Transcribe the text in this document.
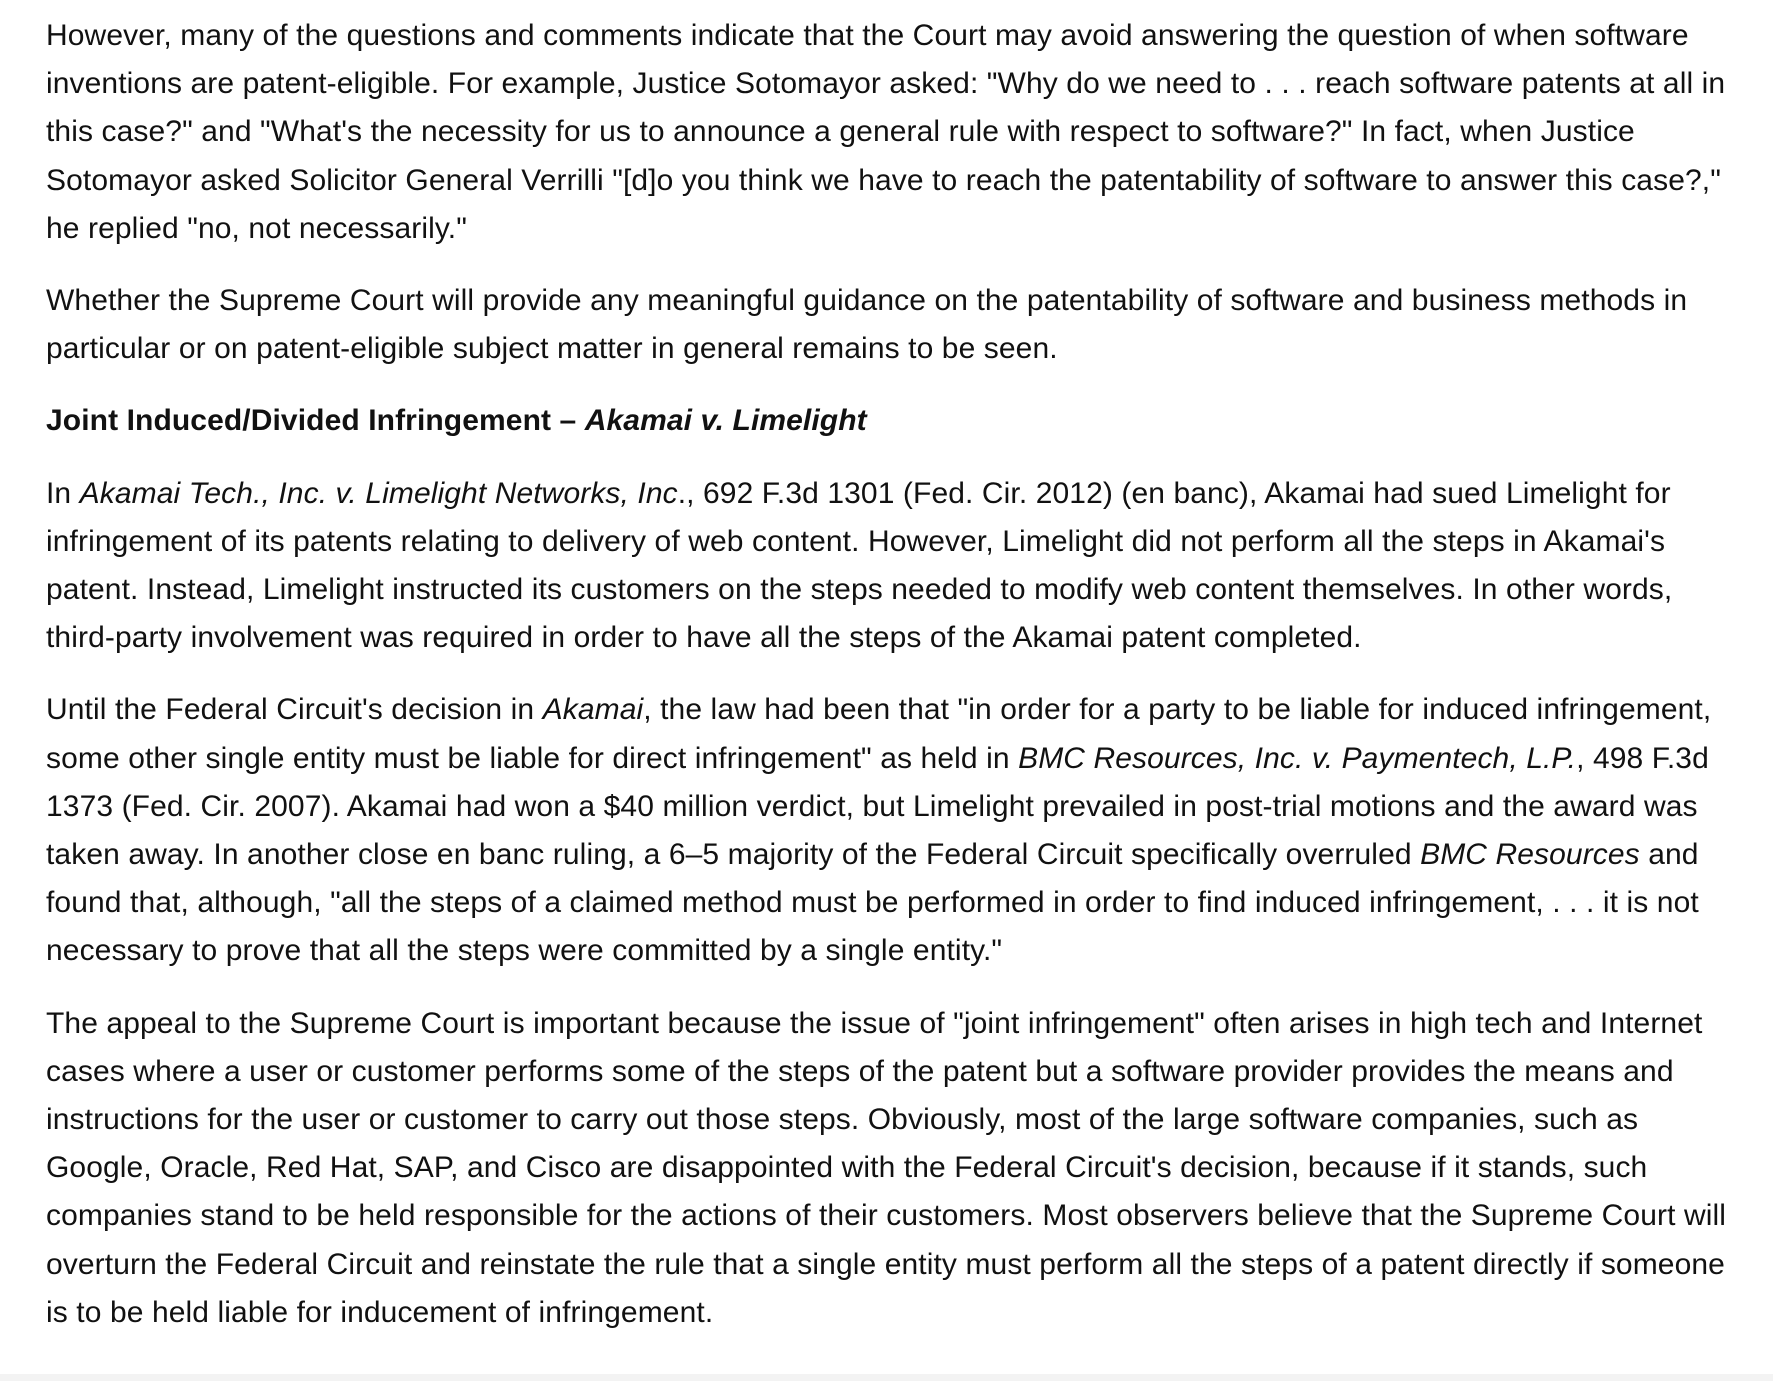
However, many of the questions and comments indicate that the Court may avoid answering the question of when software inventions are patent-eligible. For example, Justice Sotomayor asked: "Why do we need to . . . reach software patents at all in this case?" and "What's the necessity for us to announce a general rule with respect to software?" In fact, when Justice Sotomayor asked Solicitor General Verrilli "[d]o you think we have to reach the patentability of software to answer this case?," he replied "no, not necessarily."

Whether the Supreme Court will provide any meaningful guidance on the patentability of software and business methods in particular or on patent-eligible subject matter in general remains to be seen.

Joint Induced/Divided Infringement – Akamai v. Limelight

In Akamai Tech., Inc. v. Limelight Networks, Inc., 692 F.3d 1301 (Fed. Cir. 2012) (en banc), Akamai had sued Limelight for infringement of its patents relating to delivery of web content. However, Limelight did not perform all the steps in Akamai's patent. Instead, Limelight instructed its customers on the steps needed to modify web content themselves. In other words, third-party involvement was required in order to have all the steps of the Akamai patent completed.

Until the Federal Circuit's decision in Akamai, the law had been that "in order for a party to be liable for induced infringement, some other single entity must be liable for direct infringement" as held in BMC Resources, Inc. v. Paymentech, L.P., 498 F.3d 1373 (Fed. Cir. 2007). Akamai had won a $40 million verdict, but Limelight prevailed in post-trial motions and the award was taken away. In another close en banc ruling, a 6–5 majority of the Federal Circuit specifically overruled BMC Resources and found that, although, "all the steps of a claimed method must be performed in order to find induced infringement, . . . it is not necessary to prove that all the steps were committed by a single entity."

The appeal to the Supreme Court is important because the issue of "joint infringement" often arises in high tech and Internet cases where a user or customer performs some of the steps of the patent but a software provider provides the means and instructions for the user or customer to carry out those steps. Obviously, most of the large software companies, such as Google, Oracle, Red Hat, SAP, and Cisco are disappointed with the Federal Circuit's decision, because if it stands, such companies stand to be held responsible for the actions of their customers. Most observers believe that the Supreme Court will overturn the Federal Circuit and reinstate the rule that a single entity must perform all the steps of a patent directly if someone is to be held liable for inducement of infringement.
